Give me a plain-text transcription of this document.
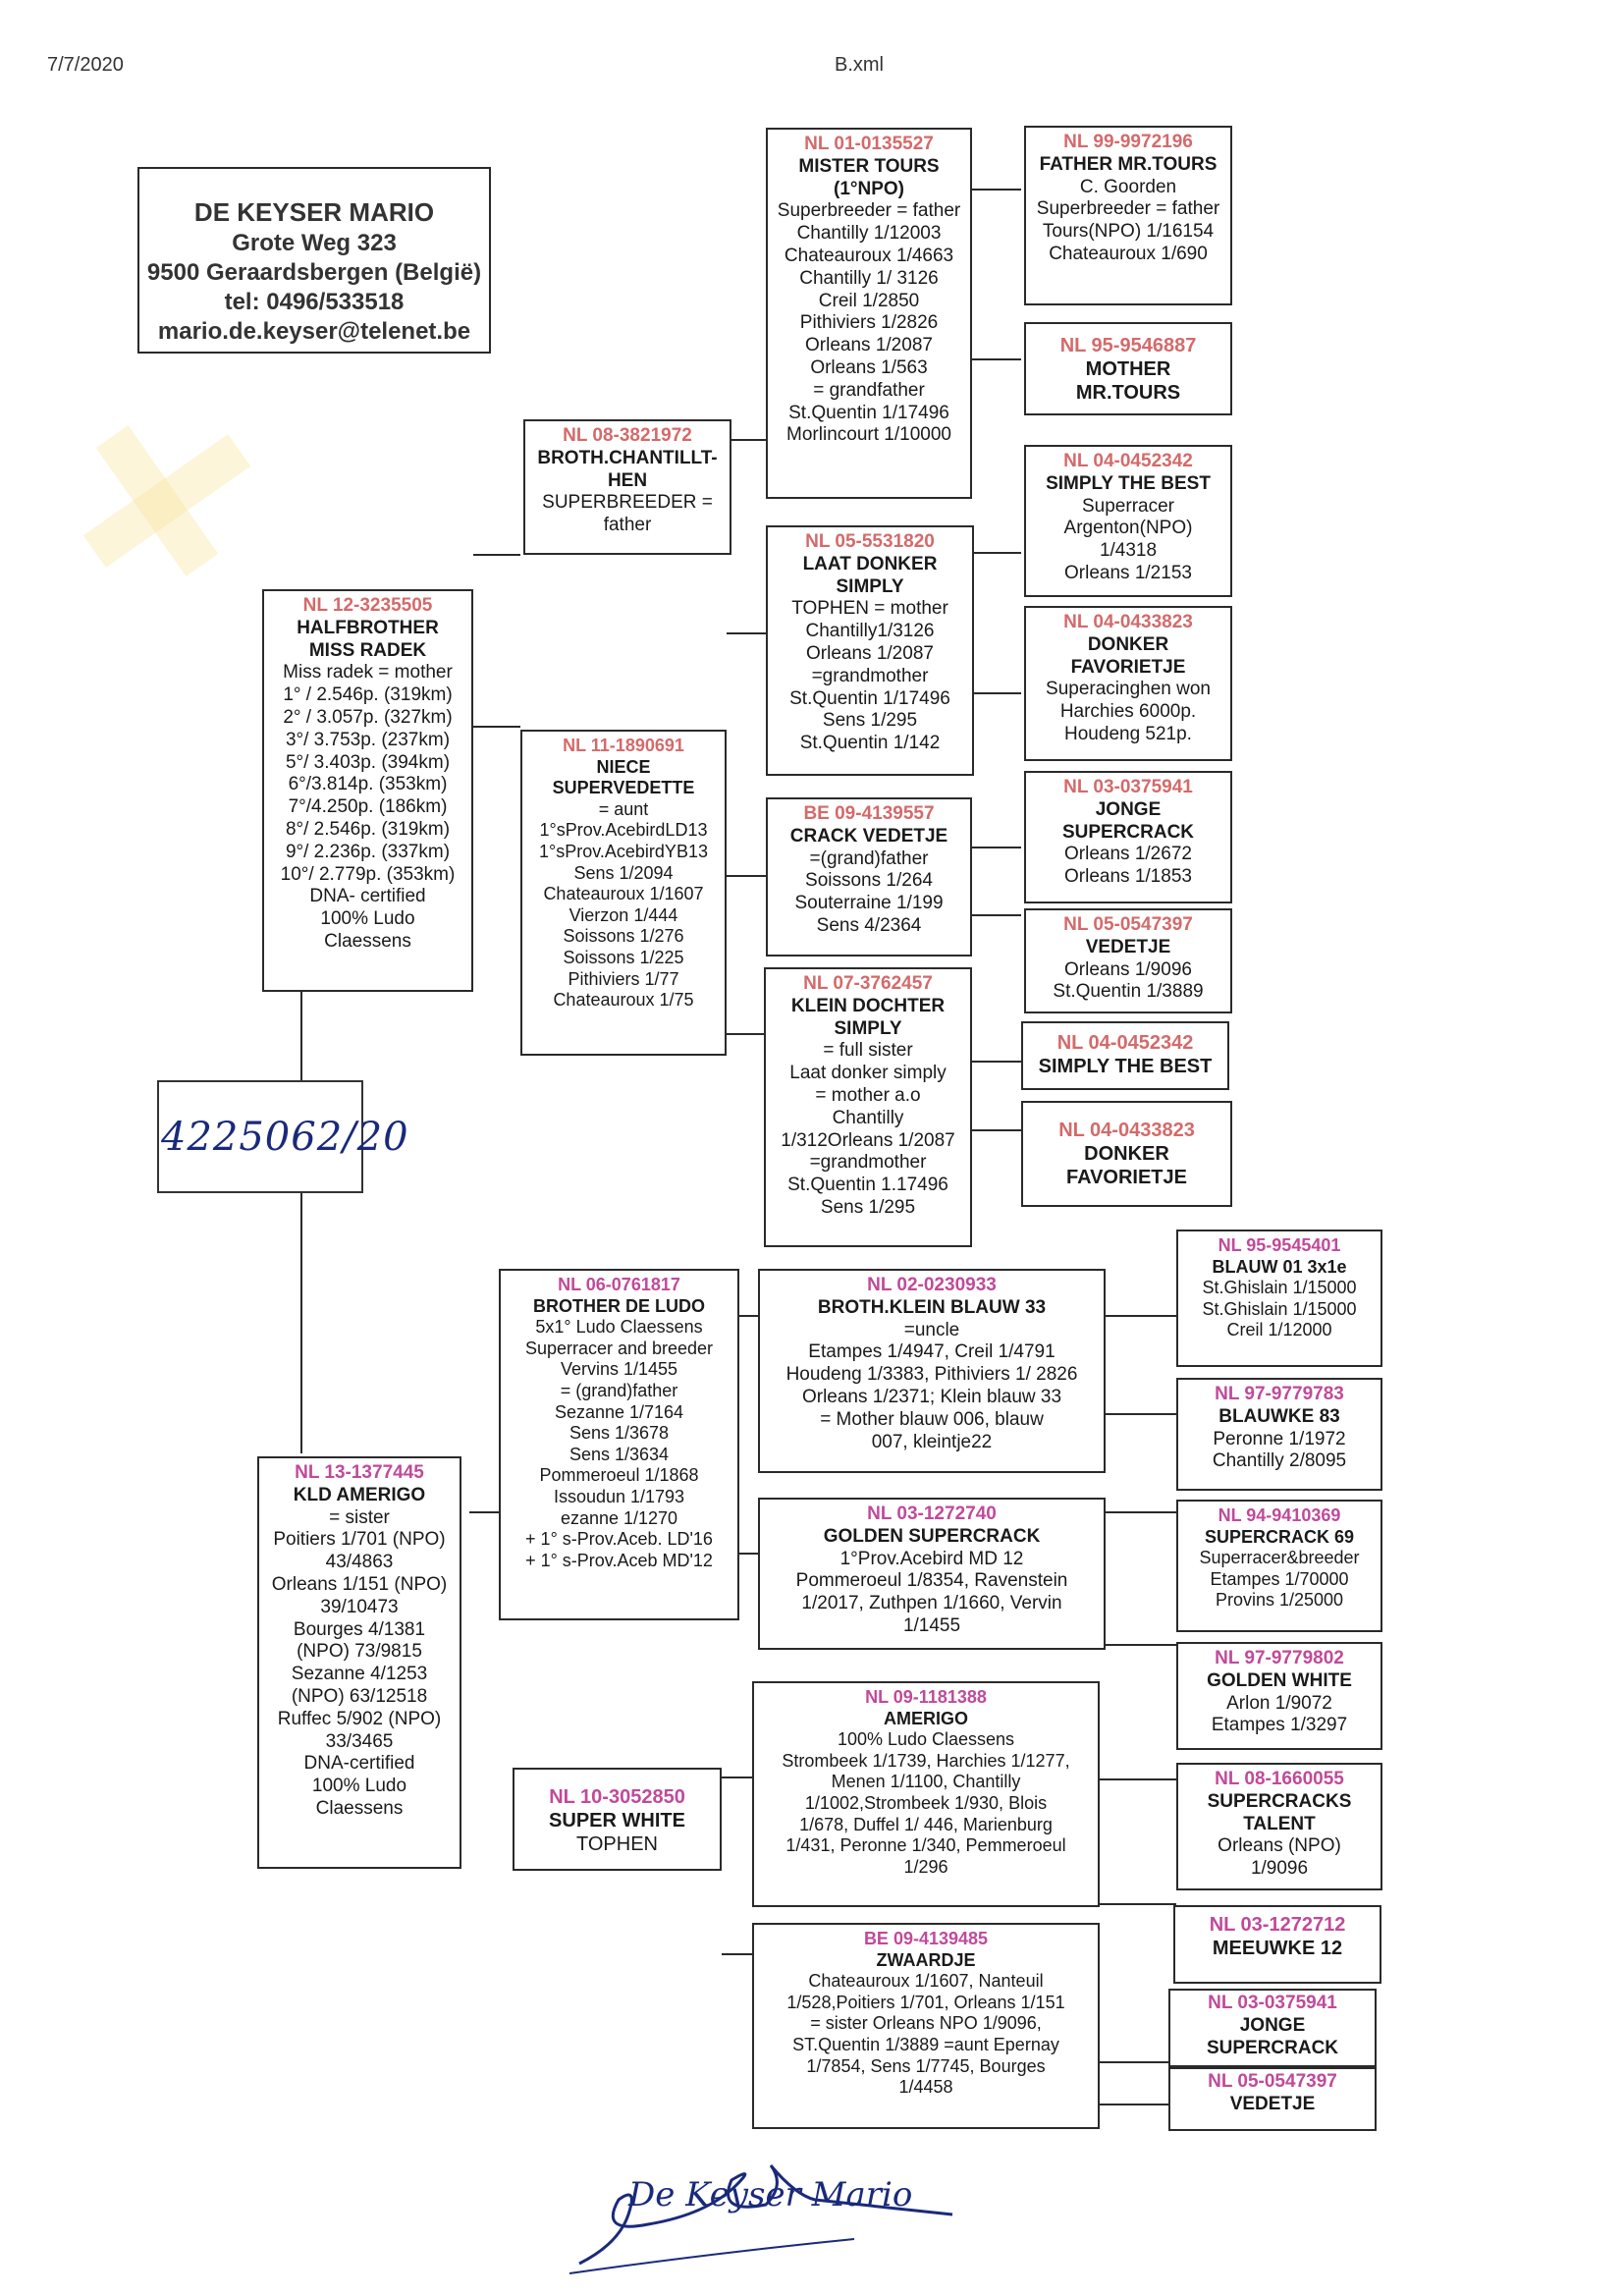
7/7/2020	B.xml
DE KEYSER MARIO
Grote Weg 323
9500 Geraardsbergen (België)
tel: 0496/533518
mario.de.keyser@telenet.be
4225062/20
NL 12-3235505
HALFBROTHER
MISS RADEK
Miss radek = mother
1° / 2.546p. (319km)
2° / 3.057p. (327km)
3°/ 3.753p. (237km)
5°/ 3.403p. (394km)
6°/3.814p. (353km)
7°/4.250p. (186km)
8°/ 2.546p. (319km)
9°/ 2.236p. (337km)
10°/ 2.779p. (353km)
DNA- certified
100% Ludo
Claessens
NL 08-3821972
BROTH.CHANTILLT-
HEN
SUPERBREEDER =
father
NL 11-1890691
NIECE
SUPERVEDETTE
= aunt
1°sProv.AcebirdLD13
1°sProv.AcebirdYB13
Sens 1/2094
Chateauroux 1/1607
Vierzon 1/444
Soissons 1/276
Soissons 1/225
Pithiviers 1/77
Chateauroux 1/75
NL 01-0135527
MISTER TOURS
(1°NPO)
Superbreeder = father
Chantilly 1/12003
Chateauroux 1/4663
Chantilly 1/ 3126
Creil 1/2850
Pithiviers 1/2826
Orleans 1/2087
Orleans 1/563
= grandfather
St.Quentin 1/17496
Morlincourt 1/10000
NL 05-5531820
LAAT DONKER
SIMPLY
TOPHEN = mother
Chantilly1/3126
Orleans 1/2087
=grandmother
St.Quentin 1/17496
Sens 1/295
St.Quentin 1/142
BE 09-4139557
CRACK VEDETJE
=(grand)father
Soissons 1/264
Souterraine 1/199
Sens 4/2364
NL 07-3762457
KLEIN DOCHTER
SIMPLY
= full sister
Laat donker simply
= mother a.o
Chantilly
1/312Orleans 1/2087
=grandmother
St.Quentin 1.17496
Sens 1/295
NL 99-9972196
FATHER MR.TOURS
C. Goorden
Superbreeder = father
Tours(NPO) 1/16154
Chateauroux 1/690
NL 95-9546887
MOTHER
MR.TOURS
NL 04-0452342
SIMPLY THE BEST
Superracer
Argenton(NPO)
1/4318
Orleans 1/2153
NL 04-0433823
DONKER
FAVORIETJE
Superacinghen won
Harchies 6000p.
Houdeng 521p.
NL 03-0375941
JONGE
SUPERCRACK
Orleans 1/2672
Orleans 1/1853
NL 05-0547397
VEDETJE
Orleans 1/9096
St.Quentin 1/3889
NL 04-0452342
SIMPLY THE BEST
NL 04-0433823
DONKER
FAVORIETJE
NL 13-1377445
KLD AMERIGO
= sister
Poitiers 1/701 (NPO)
43/4863
Orleans 1/151 (NPO)
39/10473
Bourges 4/1381
(NPO) 73/9815
Sezanne 4/1253
(NPO) 63/12518
Ruffec 5/902 (NPO)
33/3465
DNA-certified
100% Ludo
Claessens
NL 06-0761817
BROTHER DE LUDO
5x1° Ludo Claessens
Superracer and breeder
Vervins 1/1455
= (grand)father
Sezanne 1/7164
Sens 1/3678
Sens 1/3634
Pommeroeul 1/1868
Issoudun 1/1793
ezanne 1/1270
+ 1° s-Prov.Aceb. LD'16
+ 1° s-Prov.Aceb MD'12
NL 10-3052850
SUPER WHITE
TOPHEN
NL 02-0230933
BROTH.KLEIN BLAUW 33
=uncle
Etampes 1/4947, Creil 1/4791
Houdeng 1/3383, Pithiviers 1/ 2826
Orleans 1/2371; Klein blauw 33
= Mother blauw 006, blauw
007, kleintje22
NL 03-1272740
GOLDEN SUPERCRACK
1°Prov.Acebird MD 12
Pommeroeul 1/8354, Ravenstein
1/2017, Zuthpen 1/1660, Vervin
1/1455
NL 09-1181388
AMERIGO
100% Ludo Claessens
Strombeek 1/1739, Harchies 1/1277,
Menen 1/1100, Chantilly
1/1002,Strombeek 1/930, Blois
1/678, Duffel 1/ 446, Marienburg
1/431, Peronne 1/340, Pemmeroeul
1/296
BE 09-4139485
ZWAARDJE
Chateauroux 1/1607, Nanteuil
1/528,Poitiers 1/701, Orleans 1/151
= sister Orleans NPO 1/9096,
ST.Quentin 1/3889 =aunt Epernay
1/7854, Sens 1/7745, Bourges
1/4458
NL 95-9545401
BLAUW 01 3x1e
St.Ghislain 1/15000
St.Ghislain 1/15000
Creil 1/12000
NL 97-9779783
BLAUWKE 83
Peronne 1/1972
Chantilly 2/8095
NL 94-9410369
SUPERCRACK 69
Superracer&breeder
Etampes 1/70000
Provins 1/25000
NL 97-9779802
GOLDEN WHITE
Arlon 1/9072
Etampes 1/3297
NL 08-1660055
SUPERCRACKS
TALENT
Orleans (NPO)
1/9096
NL 03-1272712
MEEUWKE 12
NL 03-0375941
JONGE
SUPERCRACK
NL 05-0547397
VEDETJE
De Keyser Mario
